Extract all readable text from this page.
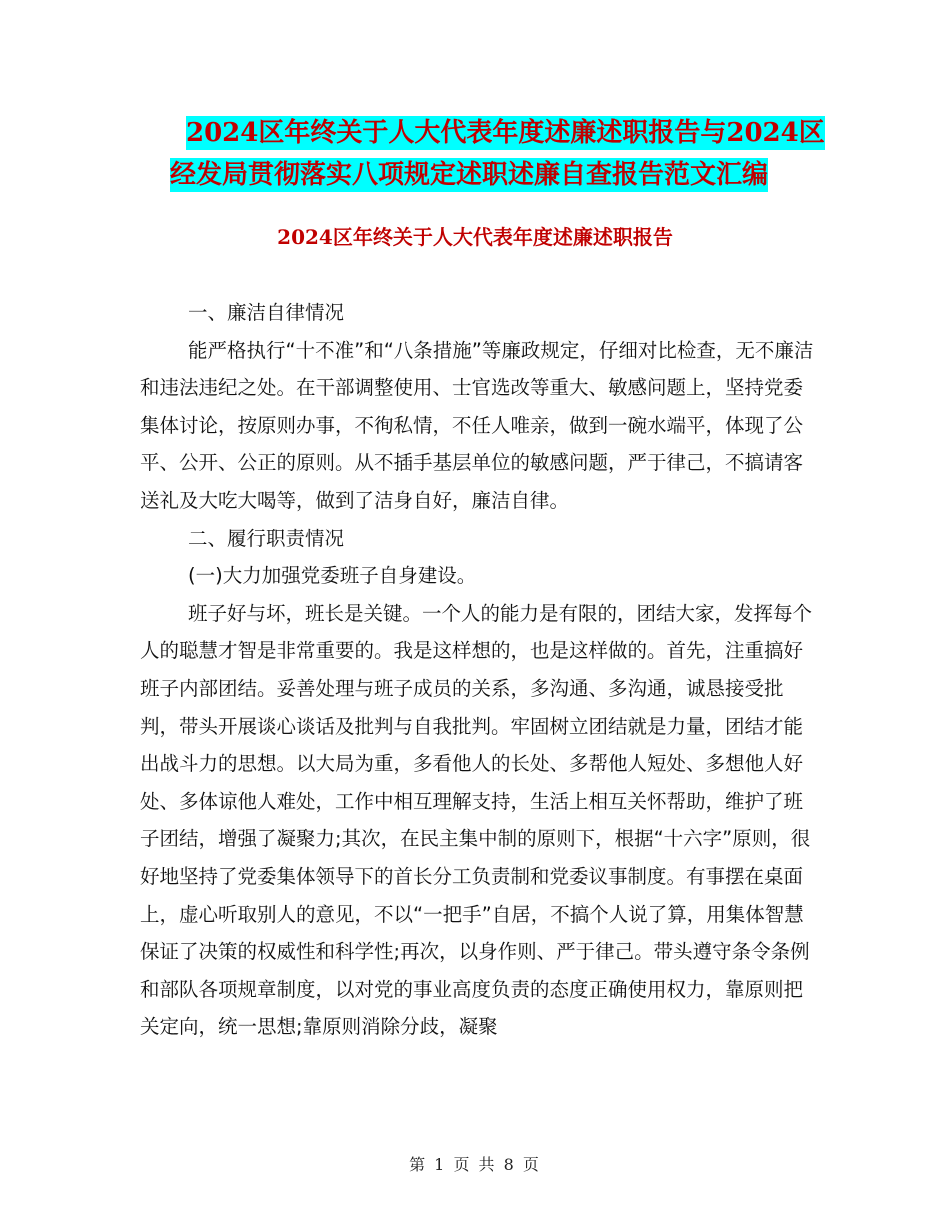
2024区年终关于人大代表年度述廉述职报告与2024区
经发局贯彻落实八项规定述职述廉自查报告范文汇编
2024区年终关于人大代表年度述廉述职报告

一、廉洁自律情况

能严格执行“十不准”和“八条措施”等廉政规定，仔细对比检查，无不廉洁和违法违纪之处。在干部调整使用、士官选改等重大、敏感问题上，坚持党委集体讨论，按原则办事，不徇私情，不任人唯亲，做到一碗水端平，体现了公平、公开、公正的原则。从不插手基层单位的敏感问题，严于律己，不搞请客送礼及大吃大喝等，做到了洁身自好，廉洁自律。

二、履行职责情况

(一)大力加强党委班子自身建设。

班子好与坏，班长是关键。一个人的能力是有限的，团结大家，发挥每个人的聪慧才智是非常重要的。我是这样想的，也是这样做的。首先，注重搞好班子内部团结。妥善处理与班子成员的关系，多沟通、多沟通，诚恳接受批判，带头开展谈心谈话及批判与自我批判。牢固树立团结就是力量，团结才能出战斗力的思想。以大局为重，多看他人的长处、多帮他人短处、多想他人好处、多体谅他人难处，工作中相互理解支持，生活上相互关怀帮助，维护了班子团结，增强了凝聚力;其次，在民主集中制的原则下，根据“十六字”原则，很好地坚持了党委集体领导下的首长分工负责制和党委议事制度。有事摆在桌面上，虚心听取别人的意见，不以“一把手”自居，不搞个人说了算，用集体智慧保证了决策的权威性和科学性;再次，以身作则、严于律己。带头遵守条令条例和部队各项规章制度，以对党的事业高度负责的态度正确使用权力，靠原则把关定向，统一思想;靠原则消除分歧，凝聚

第 1 页 共 8 页
